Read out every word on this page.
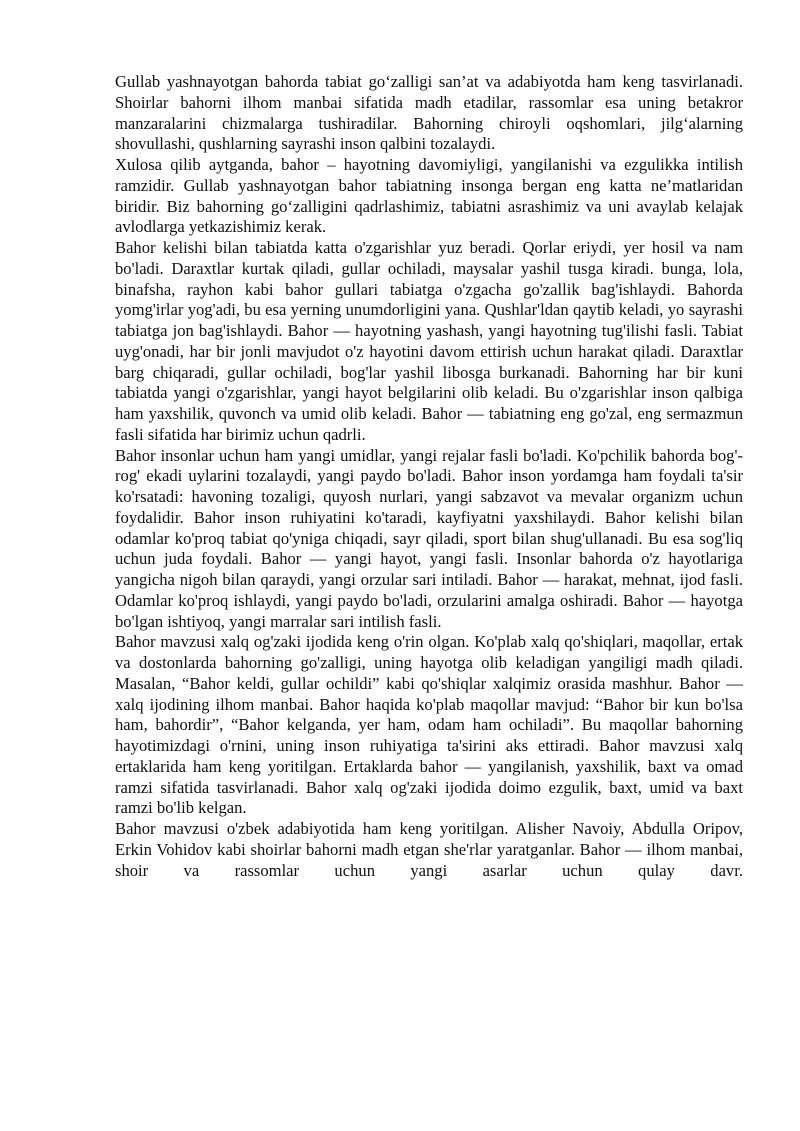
Gullab yashnayotgan bahorda tabiat go‘zalligi san’at va adabiyotda ham keng tasvirlanadi. Shoirlar bahorni ilhom manbai sifatida madh etadilar, rassomlar esa uning betakror manzaralarini chizmalarga tushiradilar. Bahorning chiroyli oqshomlari, jilg‘alarning shovullashi, qushlarning sayrashi inson qalbini tozalaydi.

Xulosa qilib aytganda, bahor – hayotning davomiyligi, yangilanishi va ezgulikka intilish ramzidir. Gullab yashnayotgan bahor tabiatning insonga bergan eng katta ne’matlaridan biridir. Biz bahorning go‘zalligini qadrlashimiz, tabiatni asrashimiz va uni avaylab kelajak avlodlarga yetkazishimiz kerak.

Bahor kelishi bilan tabiatda katta o'zgarishlar yuz beradi. Qorlar eriydi, yer hosil va nam bo'ladi. Daraxtlar kurtak qiladi, gullar ochiladi, maysalar yashil tusga kiradi. bunga, lola, binafsha, rayhon kabi bahor gullari tabiatga o'zgacha go'zallik bag'ishlaydi. Bahorda yomg'irlar yog'adi, bu esa yerning unumdorligini yana. Qushlar'ldan qaytib keladi, yo sayrashi tabiatga jon bag'ishlaydi. Bahor — hayotning yashash, yangi hayotning tug'ilishi fasli. Tabiat uyg'onadi, har bir jonli mavjudot o'z hayotini davom ettirish uchun harakat qiladi. Daraxtlar barg chiqaradi, gullar ochiladi, bog'lar yashil libosga burkanadi. Bahorning har bir kuni tabiatda yangi o'zgarishlar, yangi hayot belgilarini olib keladi. Bu o'zgarishlar inson qalbiga ham yaxshilik, quvonch va umid olib keladi. Bahor — tabiatning eng go'zal, eng sermazmun fasli sifatida har birimiz uchun qadrli.

Bahor insonlar uchun ham yangi umidlar, yangi rejalar fasli bo'ladi. Ko'pchilik bahorda bog'-rog' ekadi uylarini tozalaydi, yangi paydo bo'ladi. Bahor inson yordamga ham foydali ta'sir ko'rsatadi: havoning tozaligi, quyosh nurlari, yangi sabzavot va mevalar organizm uchun foydalidir. Bahor inson ruhiyatini ko'taradi, kayfiyatni yaxshilaydi. Bahor kelishi bilan odamlar ko'proq tabiat qo'yniga chiqadi, sayr qiladi, sport bilan shug'ullanadi. Bu esa sog'liq uchun juda foydali. Bahor — yangi hayot, yangi fasli. Insonlar bahorda o'z hayotlariga yangicha nigoh bilan qaraydi, yangi orzular sari intiladi. Bahor — harakat, mehnat, ijod fasli. Odamlar ko'proq ishlaydi, yangi paydo bo'ladi, orzularini amalga oshiradi. Bahor — hayotga bo'lgan ishtiyoq, yangi marralar sari intilish fasli.

Bahor mavzusi xalq og'zaki ijodida keng o'rin olgan. Ko'plab xalq qo'shiqlari, maqollar, ertak va dostonlarda bahorning go'zalligi, uning hayotga olib keladigan yangiligi madh qiladi. Masalan, “Bahor keldi, gullar ochildi” kabi qo'shiqlar xalqimiz orasida mashhur. Bahor — xalq ijodining ilhom manbai. Bahor haqida ko'plab maqollar mavjud: “Bahor bir kun bo'lsa ham, bahordir”, “Bahor kelganda, yer ham, odam ham ochiladi”. Bu maqollar bahorning hayotimizdagi o'rnini, uning inson ruhiyatiga ta'sirini aks ettiradi. Bahor mavzusi xalq ertaklarida ham keng yoritilgan. Ertaklarda bahor — yangilanish, yaxshilik, baxt va omad ramzi sifatida tasvirlanadi. Bahor xalq og'zaki ijodida doimo ezgulik, baxt, umid va baxt ramzi bo'lib kelgan.

Bahor mavzusi o'zbek adabiyotida ham keng yoritilgan. Alisher Navoiy, Abdulla Oripov, Erkin Vohidov kabi shoirlar bahorni madh etgan she'rlar yaratganlar. Bahor — ilhom manbai, shoir va rassomlar uchun yangi asarlar uchun qulay davr.
